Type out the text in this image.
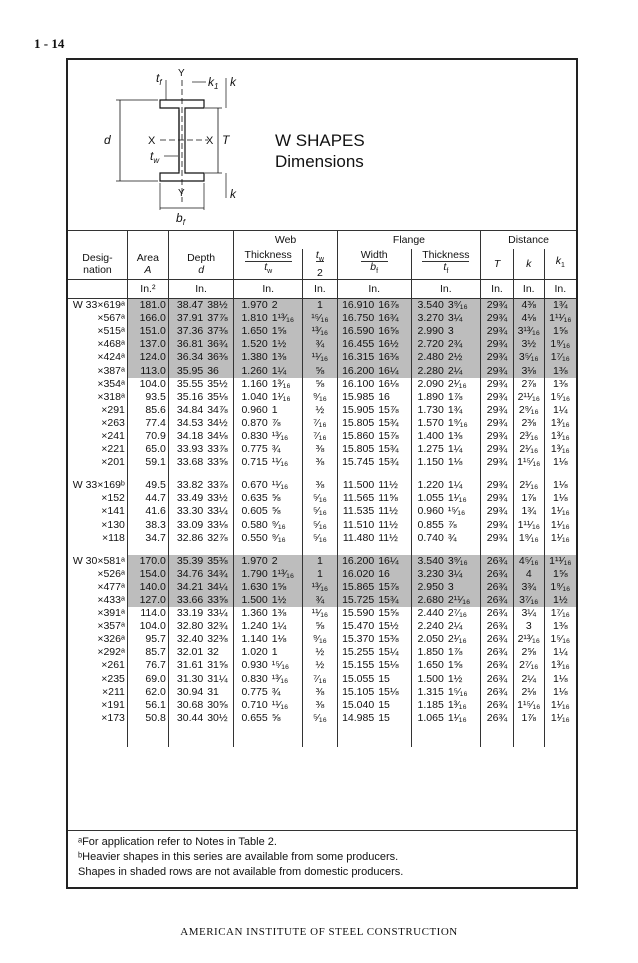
1 - 14
$t_f$
Y
$k_1$ k
d	X	X T
$t_w$
Y	k
$b_f$
W SHAPES
Dimensions
				Web			Flange				Distance		
Desig-
nation	Area
A	Depth
d		Thickness
$t_w$		$t_w$
2	Width
$b_f$		Thickness
$t_f$		T	k	$k_1$
	In.²	In.		In.		In.	In.		In.		In.	In.	In.
W 33×619ᵃ	181.0	38.47	38½	1.970	2	1	16.910	16⅞	3.540	3⁹⁄₁₆	29¾	4⅜	1¾
×567ᵃ	166.0	37.91	37⅞	1.810	1¹³⁄₁₆	¹⁵⁄₁₆	16.750	16¾	3.270	3¼	29¾	4⅛	1¹¹⁄₁₆
×515ᵃ	151.0	37.36	37⅜	1.650	1⅝	¹³⁄₁₆	16.590	16⅝	2.990	3	29¾	3¹³⁄₁₆	1⅝
×468ᵃ	137.0	36.81	36¾	1.520	1½	¾	16.455	16½	2.720	2¾	29¾	3½	1⁹⁄₁₆
×424ᵃ	124.0	36.34	36⅜	1.380	1⅜	¹¹⁄₁₆	16.315	16⅜	2.480	2½	29¾	3⁵⁄₁₆	1⁷⁄₁₆
×387ᵃ	113.0	35.95	36	1.260	1¼	⅝	16.200	16¼	2.280	2¼	29¾	3⅛	1⅜
×354ᵃ	104.0	35.55	35½	1.160	1³⁄₁₆	⅝	16.100	16⅛	2.090	2¹⁄₁₆	29¾	2⅞	1⅜
×318ᵃ	93.5	35.16	35⅛	1.040	1¹⁄₁₆	⁹⁄₁₆	15.985	16	1.890	1⅞	29¾	2¹¹⁄₁₆	1⁵⁄₁₆
×291	85.6	34.84	34⅞	0.960	1	½	15.905	15⅞	1.730	1¾	29¾	2⁹⁄₁₆	1¼
×263	77.4	34.53	34½	0.870	⅞	⁷⁄₁₆	15.805	15¾	1.570	1⁹⁄₁₆	29¾	2⅜	1³⁄₁₆
×241	70.9	34.18	34⅛	0.830	¹³⁄₁₆	⁷⁄₁₆	15.860	15⅞	1.400	1⅜	29¾	2³⁄₁₆	1³⁄₁₆
×221	65.0	33.93	33⅞	0.775	¾	⅜	15.805	15¾	1.275	1¼	29¾	2¹⁄₁₆	1³⁄₁₆
×201	59.1	33.68	33⅝	0.715	¹¹⁄₁₆	⅜	15.745	15¾	1.150	1⅛	29¾	1¹⁵⁄₁₆	1⅛

W 33×169ᵇ	49.5	33.82	33⅞	0.670	¹¹⁄₁₆	⅜	11.500	11½	1.220	1¼	29¾	2¹⁄₁₆	1⅛
×152	44.7	33.49	33½	0.635	⅝	⁵⁄₁₆	11.565	11⅝	1.055	1¹⁄₁₆	29¾	1⅞	1⅛
×141	41.6	33.30	33¼	0.605	⅝	⁵⁄₁₆	11.535	11½	0.960	¹⁵⁄₁₆	29¾	1¾	1¹⁄₁₆
×130	38.3	33.09	33⅛	0.580	⁹⁄₁₆	⁵⁄₁₆	11.510	11½	0.855	⅞	29¾	1¹¹⁄₁₆	1¹⁄₁₆
×118	34.7	32.86	32⅞	0.550	⁹⁄₁₆	⁵⁄₁₆	11.480	11½	0.740	¾	29¾	1⁹⁄₁₆	1¹⁄₁₆

W 30×581ᵃ	170.0	35.39	35⅜	1.970	2	1	16.200	16¼	3.540	3⁹⁄₁₆	26¾	4⁵⁄₁₆	1¹¹⁄₁₆
×526ᵃ	154.0	34.76	34¾	1.790	1¹³⁄₁₆	1	16.020	16	3.230	3¼	26¾	4	1⅝
×477ᵃ	140.0	34.21	34¼	1.630	1⅝	¹³⁄₁₆	15.865	15⅞	2.950	3	26¾	3¾	1⁹⁄₁₆
×433ᵃ	127.0	33.66	33⅝	1.500	1½	¾	15.725	15¾	2.680	2¹¹⁄₁₆	26¾	3⁷⁄₁₆	1½
×391ᵃ	114.0	33.19	33¼	1.360	1⅜	¹¹⁄₁₆	15.590	15⅝	2.440	2⁷⁄₁₆	26¾	3¼	1⁷⁄₁₆
×357ᵃ	104.0	32.80	32¾	1.240	1¼	⅝	15.470	15½	2.240	2¼	26¾	3	1⅜
×326ᵃ	95.7	32.40	32⅜	1.140	1⅛	⁹⁄₁₆	15.370	15⅜	2.050	2¹⁄₁₆	26¾	2¹³⁄₁₆	1⁵⁄₁₆
×292ᵃ	85.7	32.01	32	1.020	1	½	15.255	15¼	1.850	1⅞	26¾	2⅝	1¼
×261	76.7	31.61	31⅝	0.930	¹⁵⁄₁₆	½	15.155	15⅛	1.650	1⅝	26¾	2⁷⁄₁₆	1³⁄₁₆
×235	69.0	31.30	31¼	0.830	¹³⁄₁₆	⁷⁄₁₆	15.055	15	1.500	1½	26¾	2¼	1⅛
×211	62.0	30.94	31	0.775	¾	⅜	15.105	15⅛	1.315	1⁵⁄₁₆	26¾	2⅛	1⅛
×191	56.1	30.68	30⅝	0.710	¹¹⁄₁₆	⅜	15.040	15	1.185	1³⁄₁₆	26¾	1¹⁵⁄₁₆	1¹⁄₁₆
×173	50.8	30.44	30½	0.655	⅝	⁵⁄₁₆	14.985	15	1.065	1¹⁄₁₆	26¾	1⅞	1¹⁄₁₆

ᵃFor application refer to Notes in Table 2.
ᵇHeavier shapes in this series are available from some producers.
Shapes in shaded rows are not available from domestic producers.
AMERICAN INSTITUTE OF STEEL CONSTRUCTION
